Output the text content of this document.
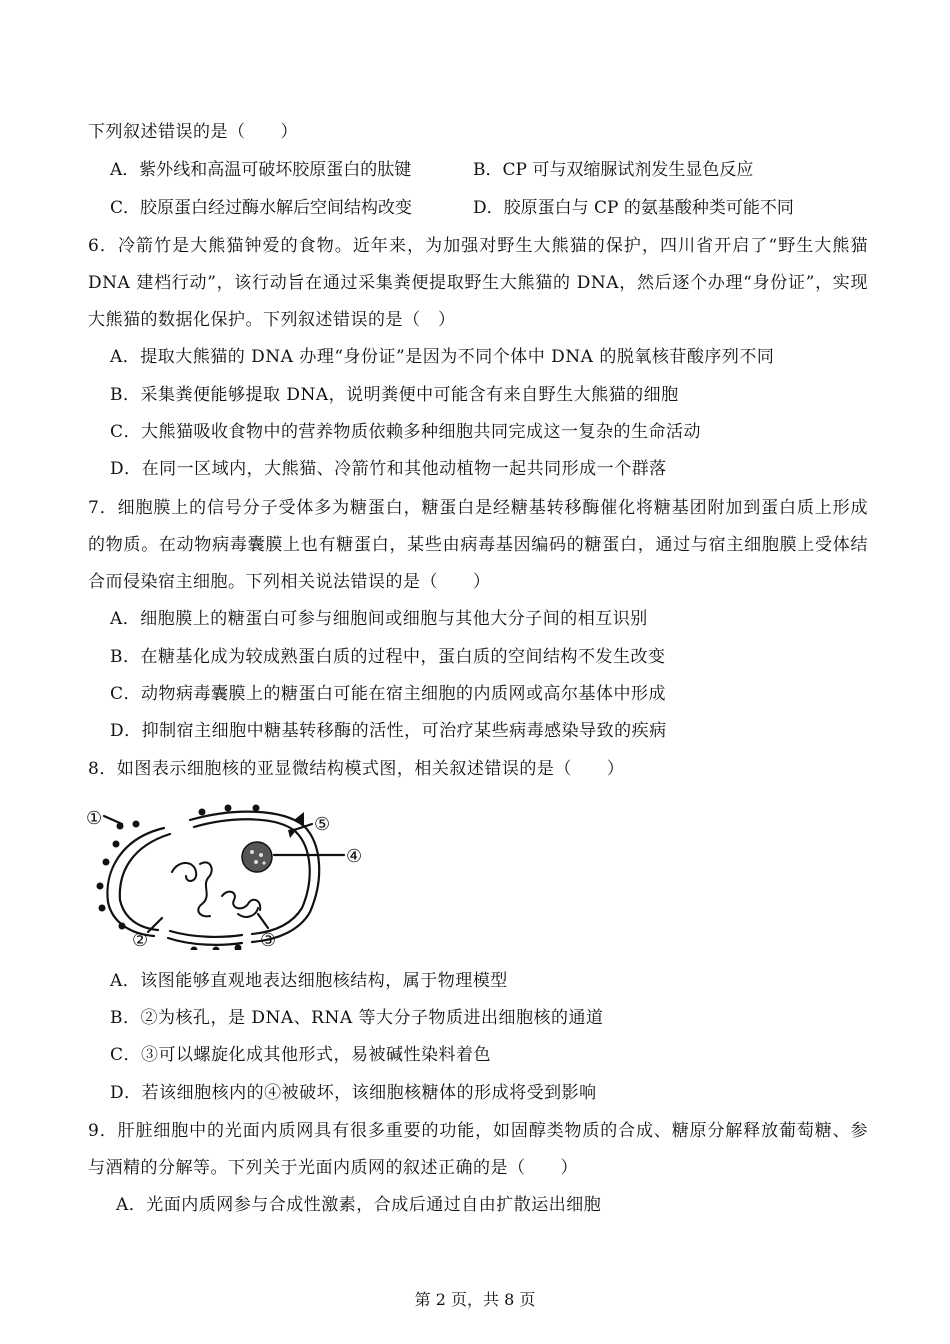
下列叙述错误的是（　　）
A．紫外线和高温可破坏胶原蛋白的肽键	B．CP 可与双缩脲试剂发生显色反应
C．胶原蛋白经过酶水解后空间结构改变	D．胶原蛋白与 CP 的氨基酸种类可能不同
6．冷箭竹是大熊猫钟爱的食物。近年来，为加强对野生大熊猫的保护，四川省开启了“野生大熊猫 DNA 建档行动”，该行动旨在通过采集粪便提取野生大熊猫的 DNA，然后逐个办理“身份证”，实现大熊猫的数据化保护。下列叙述错误的是（　）
A．提取大熊猫的 DNA 办理“身份证”是因为不同个体中 DNA 的脱氧核苷酸序列不同
B．采集粪便能够提取 DNA，说明粪便中可能含有来自野生大熊猫的细胞
C．大熊猫吸收食物中的营养物质依赖多种细胞共同完成这一复杂的生命活动
D．在同一区域内，大熊猫、冷箭竹和其他动植物一起共同形成一个群落
7．细胞膜上的信号分子受体多为糖蛋白，糖蛋白是经糖基转移酶催化将糖基团附加到蛋白质上形成的物质。在动物病毒囊膜上也有糖蛋白，某些由病毒基因编码的糖蛋白，通过与宿主细胞膜上受体结合而侵染宿主细胞。下列相关说法错误的是（　　）
A．细胞膜上的糖蛋白可参与细胞间或细胞与其他大分子间的相互识别
B．在糖基化成为较成熟蛋白质的过程中，蛋白质的空间结构不发生改变
C．动物病毒囊膜上的糖蛋白可能在宿主细胞的内质网或高尔基体中形成
D．抑制宿主细胞中糖基转移酶的活性，可治疗某些病毒感染导致的疾病
8．如图表示细胞核的亚显微结构模式图，相关叙述错误的是（　　）
①
②	③
④
⑤
A．该图能够直观地表达细胞核结构，属于物理模型
B．②为核孔，是 DNA、RNA 等大分子物质进出细胞核的通道
C．③可以螺旋化成其他形式，易被碱性染料着色
D．若该细胞核内的④被破坏，该细胞核糖体的形成将受到影响
9．肝脏细胞中的光面内质网具有很多重要的功能，如固醇类物质的合成、糖原分解释放葡萄糖、参与酒精的分解等。下列关于光面内质网的叙述正确的是（　　）
A．光面内质网参与合成性激素，合成后通过自由扩散运出细胞
第 2 页，共 8 页
